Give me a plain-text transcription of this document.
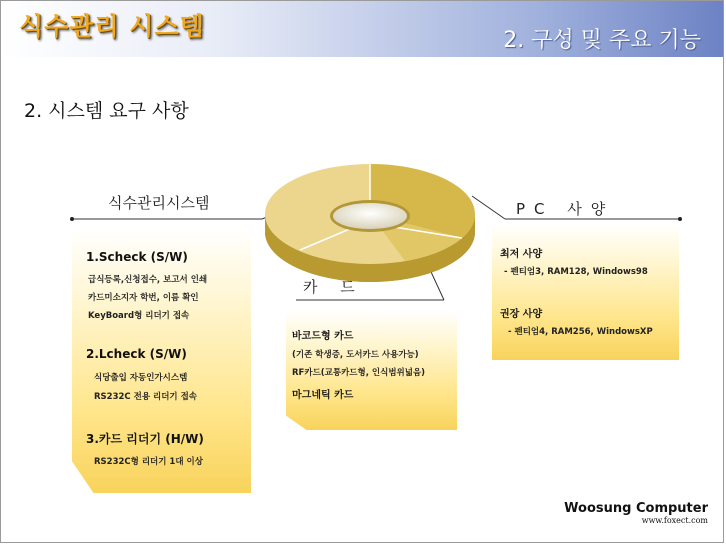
식수관리 시스템	2. 구성 및 주요 기능
2. 시스템 요구 사항
식수관리시스템
카 드
PC 사양
1.Scheck (S/W)
급식등록,신청접수, 보고서 인쇄
카드미소지자 학번, 이름 확인
KeyBoard형 리더기 접속
2.Lcheck (S/W)
식당출입 자동인가시스템
RS232C 전용 리더기 접속
3.카드 리더기 (H/W)
RS232C형 리더기 1대 이상
바코드형 카드
(기존 학생증, 도서카드 사용가능)
RF카드(교통카드형, 인식범위넓음)
마그네틱 카드
최저 사양
- 펜티엄3, RAM128, Windows98
권장 사양
- 펜티엄4, RAM256, WindowsXP
Woosung Computer
www.foxect.com
